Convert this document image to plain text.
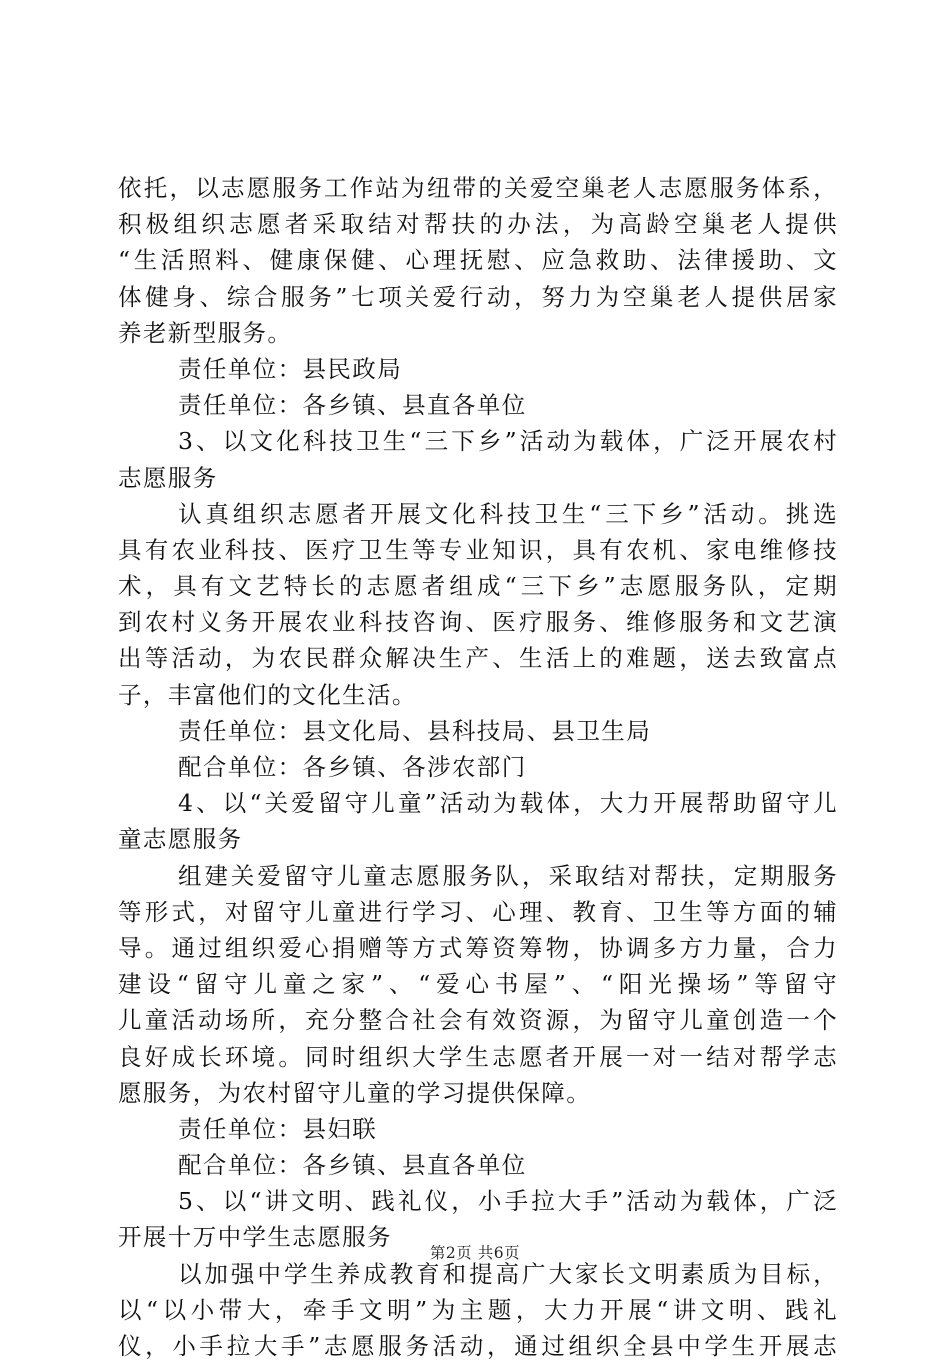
依托，以志愿服务工作站为纽带的关爱空巢老人志愿服务体系，
积极组织志愿者采取结对帮扶的办法，为高龄空巢老人提供
“生活照料、健康保健、心理抚慰、应急救助、法律援助、文
体健身、综合服务”七项关爱行动，努力为空巢老人提供居家
养老新型服务。
责任单位：县民政局
责任单位：各乡镇、县直各单位
3、以文化科技卫生“三下乡”活动为载体，广泛开展农村
志愿服务
认真组织志愿者开展文化科技卫生“三下乡”活动。挑选
具有农业科技、医疗卫生等专业知识，具有农机、家电维修技
术，具有文艺特长的志愿者组成“三下乡”志愿服务队，定期
到农村义务开展农业科技咨询、医疗服务、维修服务和文艺演
出等活动，为农民群众解决生产、生活上的难题，送去致富点
子，丰富他们的文化生活。
责任单位：县文化局、县科技局、县卫生局
配合单位：各乡镇、各涉农部门
4、以“关爱留守儿童”活动为载体，大力开展帮助留守儿
童志愿服务
组建关爱留守儿童志愿服务队，采取结对帮扶，定期服务
等形式，对留守儿童进行学习、心理、教育、卫生等方面的辅
导。通过组织爱心捐赠等方式筹资筹物，协调多方力量，合力
建设“留守儿童之家”、“爱心书屋”、“阳光操场”等留守
儿童活动场所，充分整合社会有效资源，为留守儿童创造一个
良好成长环境。同时组织大学生志愿者开展一对一结对帮学志
愿服务，为农村留守儿童的学习提供保障。
责任单位：县妇联
配合单位：各乡镇、县直各单位
5、以“讲文明、践礼仪，小手拉大手”活动为载体，广泛
开展十万中学生志愿服务
以加强中学生养成教育和提高广大家长文明素质为目标，
以“以小带大，牵手文明”为主题，大力开展“讲文明、践礼
仪，小手拉大手”志愿服务活动，通过组织全县中学生开展志
第2页 共6页
